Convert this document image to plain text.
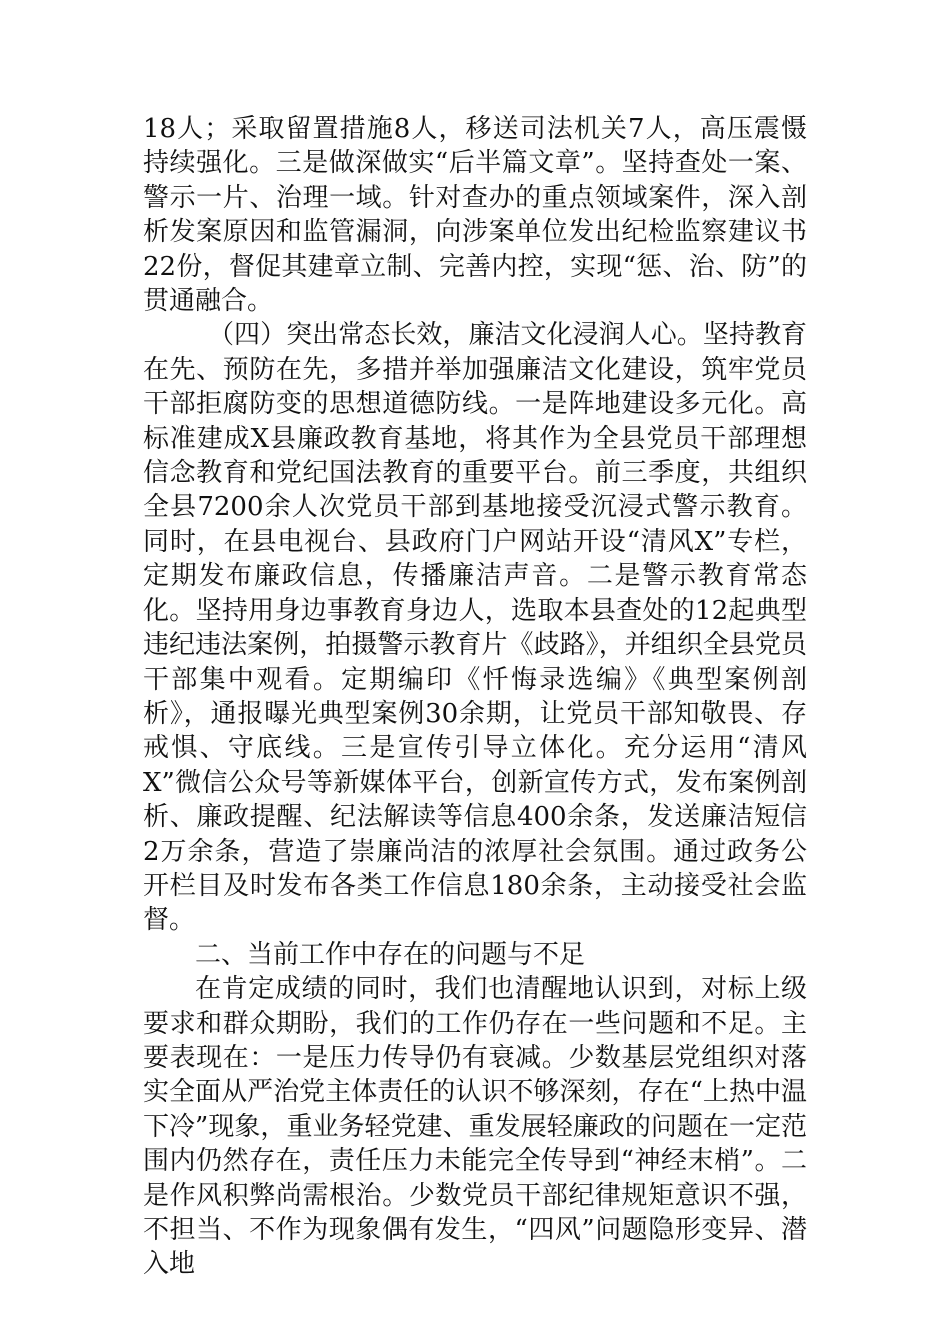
18人；采取留置措施8人，移送司法机关7人，高压震慑持续强化。三是做深做实“后半篇文章”。坚持查处一案、警示一片、治理一域。针对查办的重点领域案件，深入剖析发案原因和监管漏洞，向涉案单位发出纪检监察建议书22份，督促其建章立制、完善内控，实现“惩、治、防”的贯通融合。

（四）突出常态长效，廉洁文化浸润人心。坚持教育在先、预防在先，多措并举加强廉洁文化建设，筑牢党员干部拒腐防变的思想道德防线。一是阵地建设多元化。高标准建成X县廉政教育基地，将其作为全县党员干部理想信念教育和党纪国法教育的重要平台。前三季度，共组织全县7200余人次党员干部到基地接受沉浸式警示教育。同时，在县电视台、县政府门户网站开设“清风X”专栏，定期发布廉政信息，传播廉洁声音。二是警示教育常态化。坚持用身边事教育身边人，选取本县查处的12起典型违纪违法案例，拍摄警示教育片《歧路》，并组织全县党员干部集中观看。定期编印《忏悔录选编》《典型案例剖析》，通报曝光典型案例30余期，让党员干部知敬畏、存戒惧、守底线。三是宣传引导立体化。充分运用“清风X”微信公众号等新媒体平台，创新宣传方式，发布案例剖析、廉政提醒、纪法解读等信息400余条，发送廉洁短信2万余条，营造了崇廉尚洁的浓厚社会氛围。通过政务公开栏目及时发布各类工作信息180余条，主动接受社会监督。

二、当前工作中存在的问题与不足

在肯定成绩的同时，我们也清醒地认识到，对标上级要求和群众期盼，我们的工作仍存在一些问题和不足。主要表现在：一是压力传导仍有衰减。少数基层党组织对落实全面从严治党主体责任的认识不够深刻，存在“上热中温下冷”现象，重业务轻党建、重发展轻廉政的问题在一定范围内仍然存在，责任压力未能完全传导到“神经末梢”。二是作风积弊尚需根治。少数党员干部纪律规矩意识不强，不担当、不作为现象偶有发生，“四风”问题隐形变异、潜入地
